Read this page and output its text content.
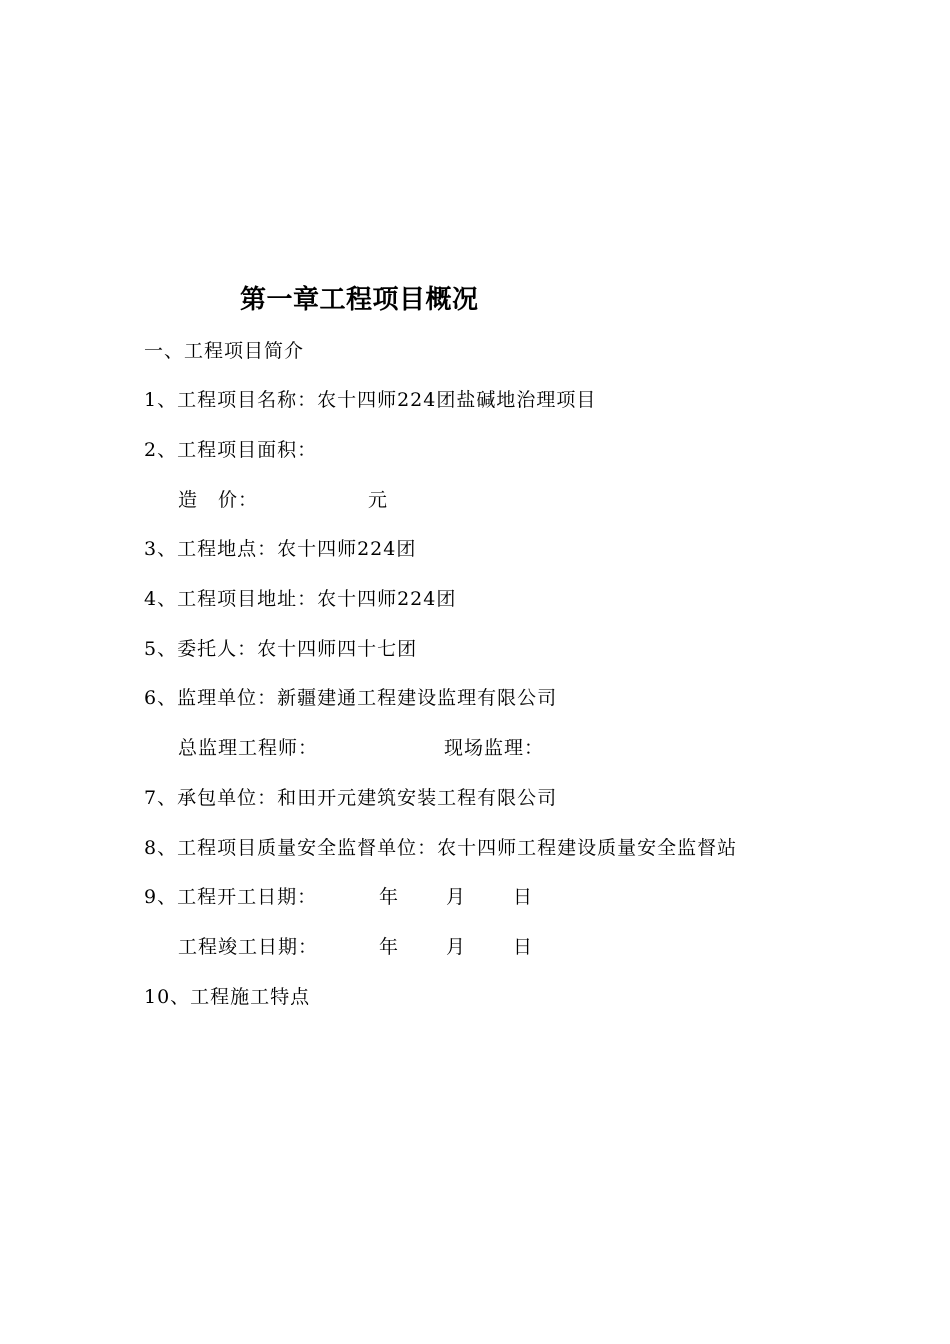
第一章工程项目概况
一、工程项目简介
1、工程项目名称：农十四师224团盐碱地治理项目
2、工程项目面积：
造　价：	元
3、工程地点：农十四师224团
4、工程项目地址：农十四师224团
5、委托人：农十四师四十七团
6、监理单位：新疆建通工程建设监理有限公司
总监理工程师：	现场监理：
7、承包单位：和田开元建筑安装工程有限公司
8、工程项目质量安全监督单位：农十四师工程建设质量安全监督站
9、工程开工日期：	年 月 日
工程竣工日期：	年 月 日
10、工程施工特点
